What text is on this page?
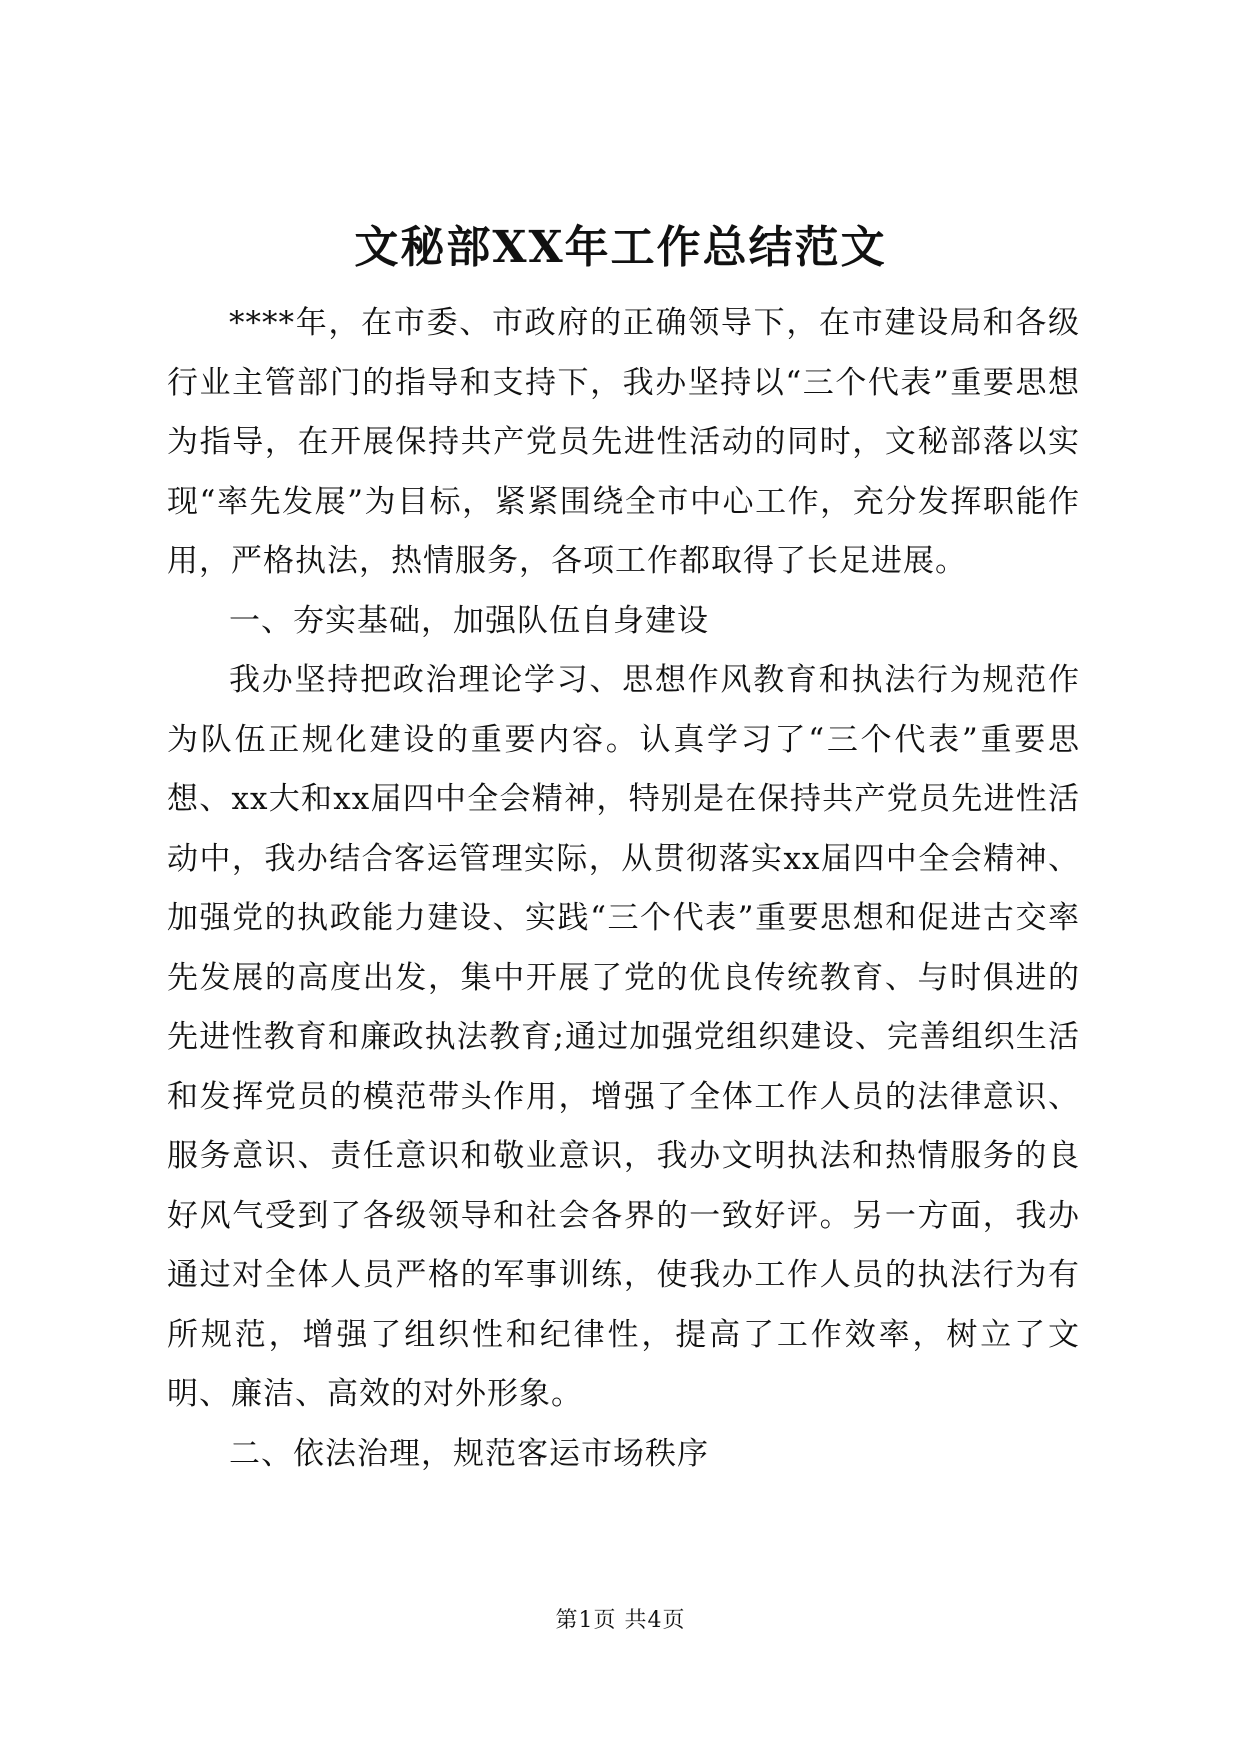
文秘部XX年工作总结范文

****年，在市委、市政府的正确领导下，在市建设局和各级行业主管部门的指导和支持下，我办坚持以“三个代表”重要思想为指导，在开展保持共产党员先进性活动的同时，文秘部落以实现“率先发展”为目标，紧紧围绕全市中心工作，充分发挥职能作用，严格执法，热情服务，各项工作都取得了长足进展。

一、夯实基础，加强队伍自身建设

我办坚持把政治理论学习、思想作风教育和执法行为规范作为队伍正规化建设的重要内容。认真学习了“三个代表”重要思想、xx大和xx届四中全会精神，特别是在保持共产党员先进性活动中，我办结合客运管理实际，从贯彻落实xx届四中全会精神、加强党的执政能力建设、实践“三个代表”重要思想和促进古交率先发展的高度出发，集中开展了党的优良传统教育、与时俱进的先进性教育和廉政执法教育;通过加强党组织建设、完善组织生活和发挥党员的模范带头作用，增强了全体工作人员的法律意识、服务意识、责任意识和敬业意识，我办文明执法和热情服务的良好风气受到了各级领导和社会各界的一致好评。另一方面，我办通过对全体人员严格的军事训练，使我办工作人员的执法行为有所规范，增强了组织性和纪律性，提高了工作效率，树立了文明、廉洁、高效的对外形象。

二、依法治理，规范客运市场秩序

第1页 共4页
